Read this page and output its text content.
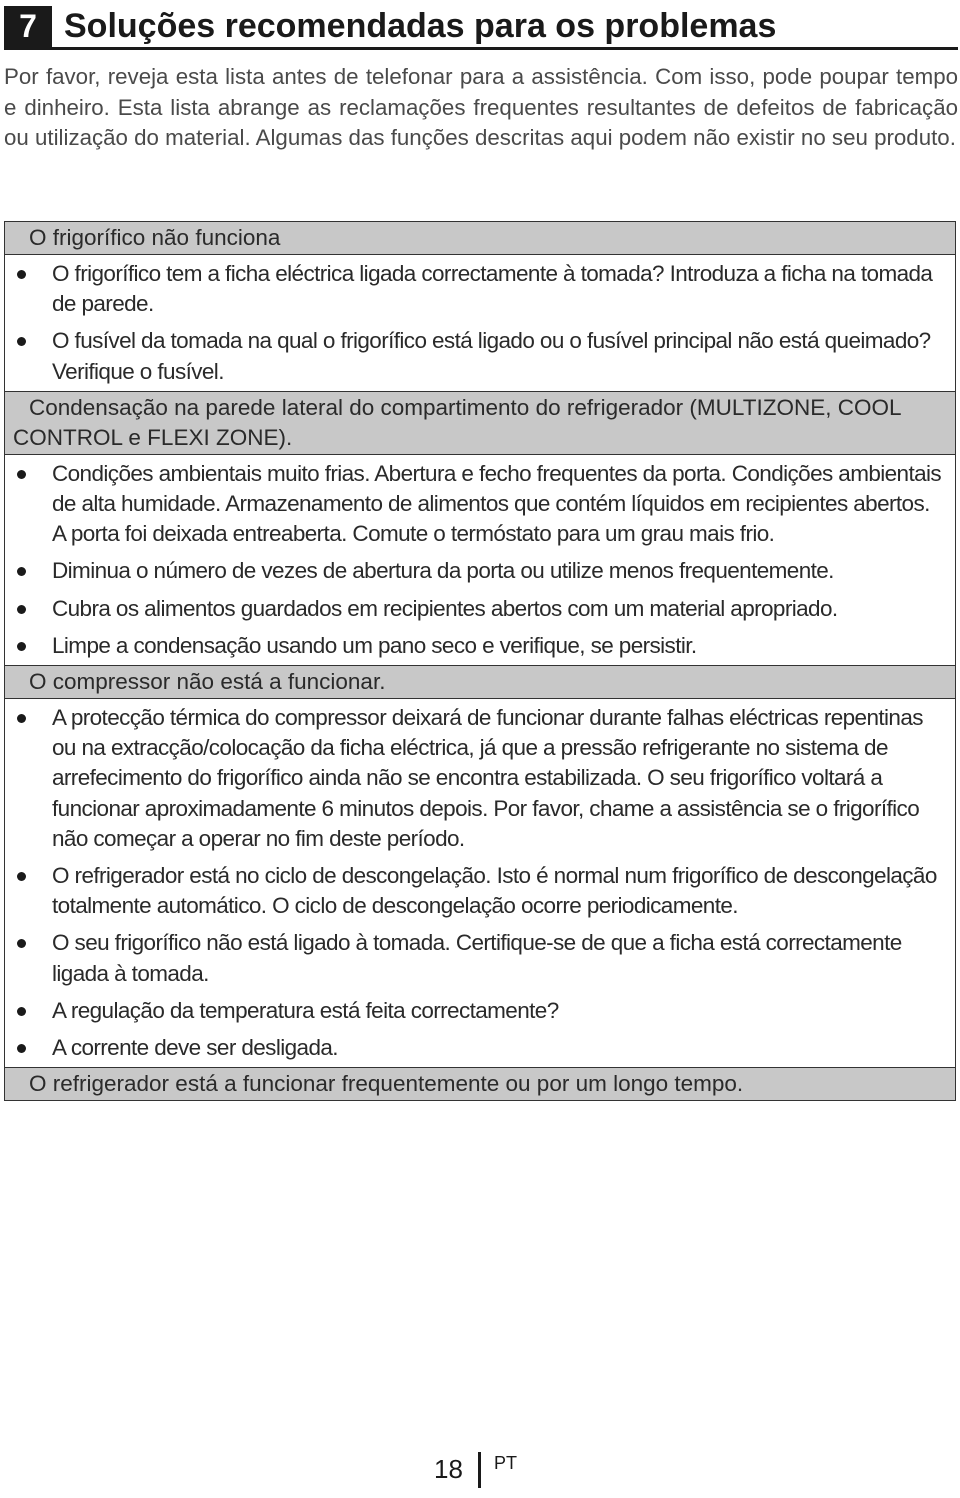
7 Soluções recomendadas para os problemas

Por favor, reveja esta lista antes de telefonar para a assistência. Com isso, pode poupar tempo e dinheiro. Esta lista abrange as reclamações frequentes resultantes de defeitos de fabricação ou utilização do material. Algumas das funções descritas aqui podem não existir no seu produto.

O frigorífico não funciona
O frigorífico tem a ficha eléctrica ligada correctamente à tomada? Introduza a ficha na tomada de parede.
O fusível da tomada na qual o frigorífico está ligado ou o fusível principal não está queimado? Verifique o fusível.
Condensação na parede lateral do compartimento do refrigerador (MULTIZONE, COOL CONTROL e FLEXI ZONE).
Condições ambientais muito frias. Abertura e fecho frequentes da porta. Condições ambientais de alta humidade. Armazenamento de alimentos que contém líquidos em recipientes abertos. A porta foi deixada entreaberta. Comute o termóstato para um grau mais frio.
Diminua o número de vezes de abertura da porta ou utilize menos frequentemente.
Cubra os alimentos guardados em recipientes abertos com um material apropriado.
Limpe a condensação usando um pano seco e verifique, se persistir.
O compressor não está a funcionar.
A protecção térmica do compressor deixará de funcionar durante falhas eléctricas repentinas ou na extracção/colocação da ficha eléctrica, já que a pressão refrigerante no sistema de arrefecimento do frigorífico ainda não se encontra estabilizada. O seu frigorífico voltará a funcionar aproximadamente 6 minutos depois. Por favor, chame a assistência se o frigorífico não começar a operar no fim deste período.
O refrigerador está no ciclo de descongelação. Isto é normal num frigorífico de descongelação totalmente automático. O ciclo de descongelação ocorre periodicamente.
O seu frigorífico não está ligado à tomada. Certifique-se de que a ficha está correctamente ligada à tomada.
A regulação da temperatura está feita correctamente?
A corrente deve ser desligada.
O refrigerador está a funcionar frequentemente ou por um longo tempo.
18 PT
